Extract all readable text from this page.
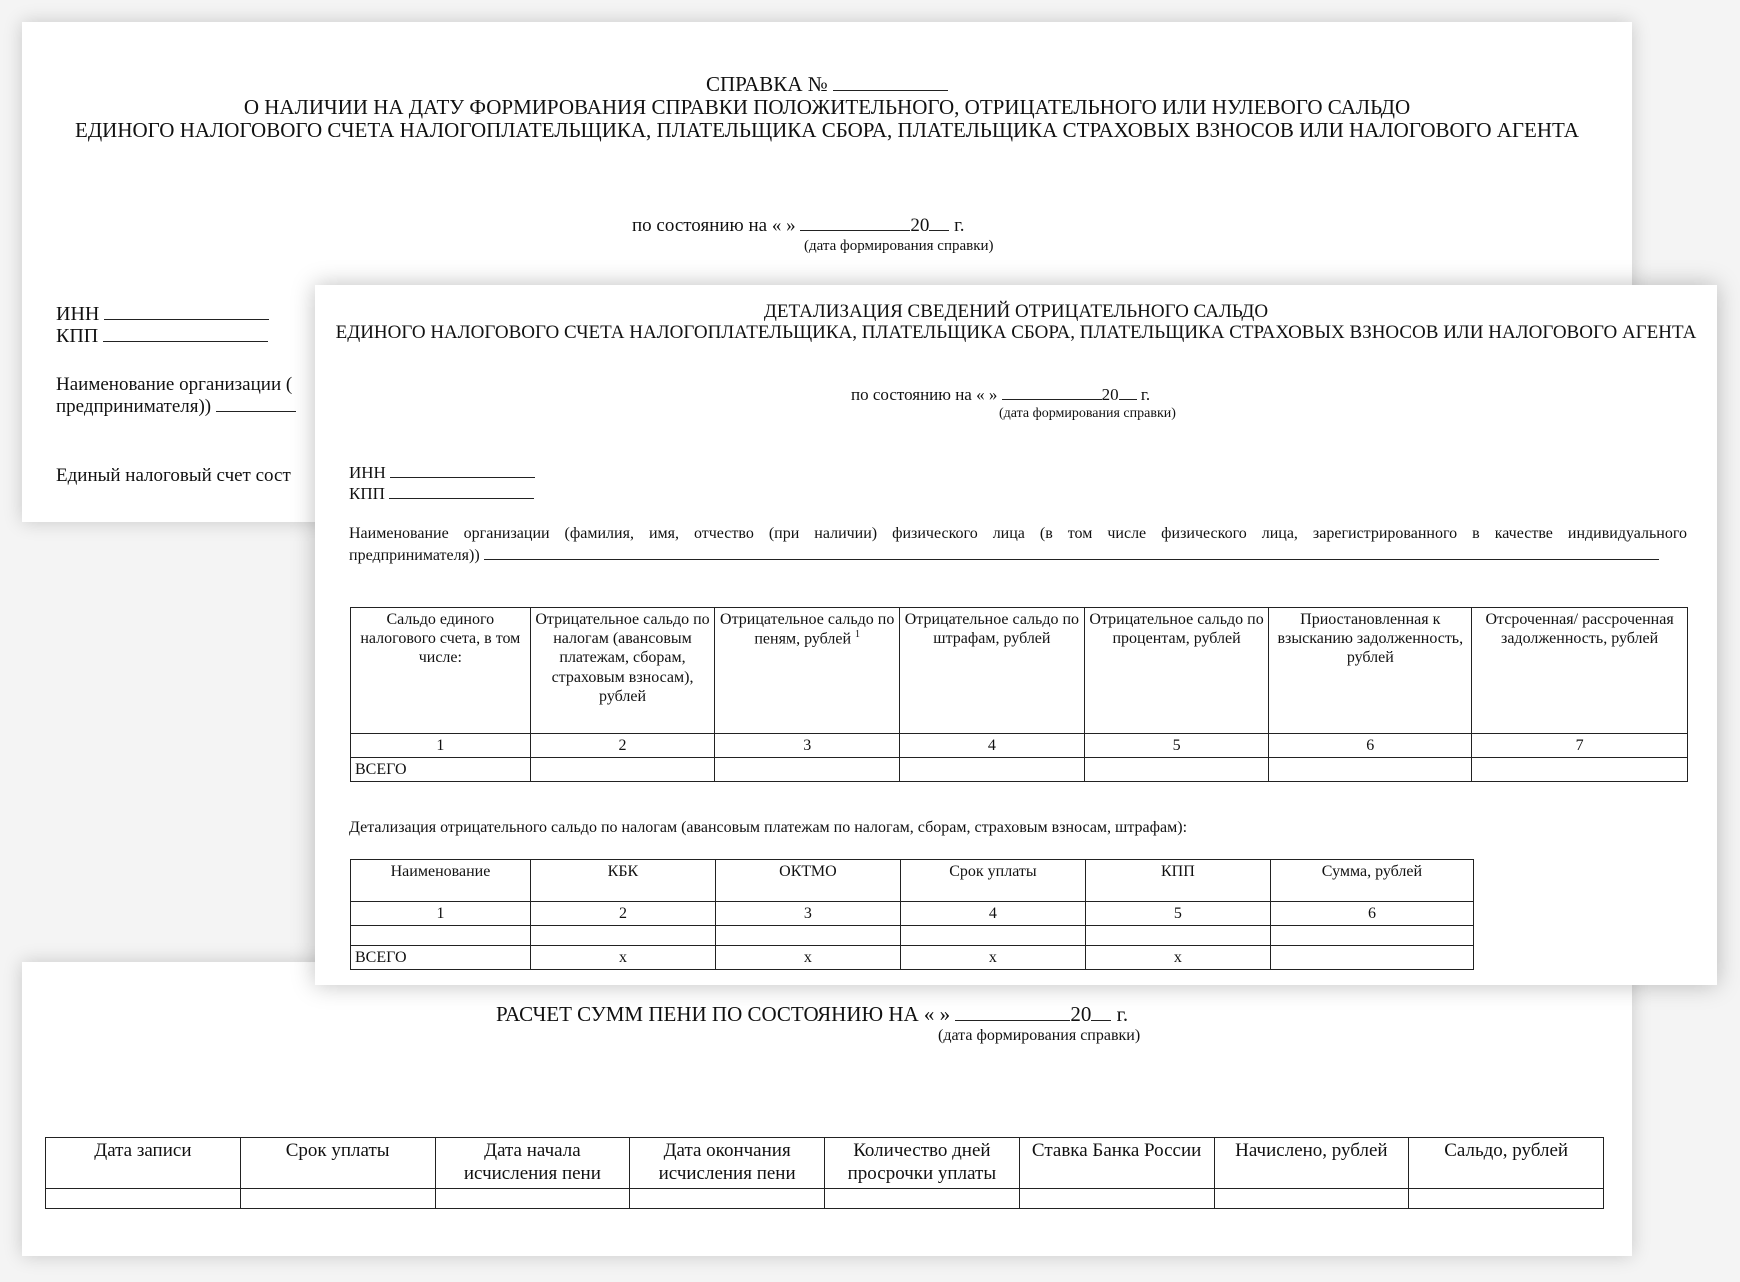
СПРАВКА №
О НАЛИЧИИ НА ДАТУ ФОРМИРОВАНИЯ СПРАВКИ ПОЛОЖИТЕЛЬНОГО, ОТРИЦАТЕЛЬНОГО ИЛИ НУЛЕВОГО САЛЬДО
ЕДИНОГО НАЛОГОВОГО СЧЕТА НАЛОГОПЛАТЕЛЬЩИКА, ПЛАТЕЛЬЩИКА СБОРА, ПЛАТЕЛЬЩИКА СТРАХОВЫХ ВЗНОСОВ ИЛИ НАЛОГОВОГО АГЕНТА
по состоянию на « »	20 г.
(дата формирования справки)
ИНН
КПП
Наименование организации (
предпринимателя))
Единый налоговый счет сост
РАСЧЕТ СУММ ПЕНИ ПО СОСТОЯНИЮ НА « »	20 г.
(дата формирования справки)
Дата записи	Срок уплаты	Дата начала исчисления пени	Дата окончания исчисления пени	Количество дней просрочки уплаты	Ставка Банка России	Начислено, рублей	Сальдо, рублей

ДЕТАЛИЗАЦИЯ СВЕДЕНИЙ ОТРИЦАТЕЛЬНОГО САЛЬДО
ЕДИНОГО НАЛОГОВОГО СЧЕТА НАЛОГОПЛАТЕЛЬЩИКА, ПЛАТЕЛЬЩИКА СБОРА, ПЛАТЕЛЬЩИКА СТРАХОВЫХ ВЗНОСОВ ИЛИ НАЛОГОВОГО АГЕНТА
по состоянию на « »	20 г.
(дата формирования справки)
ИНН
КПП
Наименование организации (фамилия, имя, отчество (при наличии) физического лица (в том числе физического лица, зарегистрированного в качестве индивидуального
предпринимателя))
Сальдо единого налогового счета, в том числе:	Отрицательное сальдо по налогам (авансовым платежам, сборам, страховым взносам), рублей	Отрицательное сальдо по пеням, рублей $^1$	Отрицательное сальдо по штрафам, рублей	Отрицательное сальдо по процентам, рублей	Приостановленная к взысканию задолженность, рублей	Отсроченная/ рассроченная задолженность, рублей
1	2	3	4	5	6	7
ВСЕГО						
Детализация отрицательного сальдо по налогам (авансовым платежам по налогам, сборам, страховым взносам, штрафам):
Наименование	КБК	ОКТМО	Срок уплаты	КПП	Сумма, рублей
1	2	3	4	5	6

ВСЕГО	х	х	х	х	
